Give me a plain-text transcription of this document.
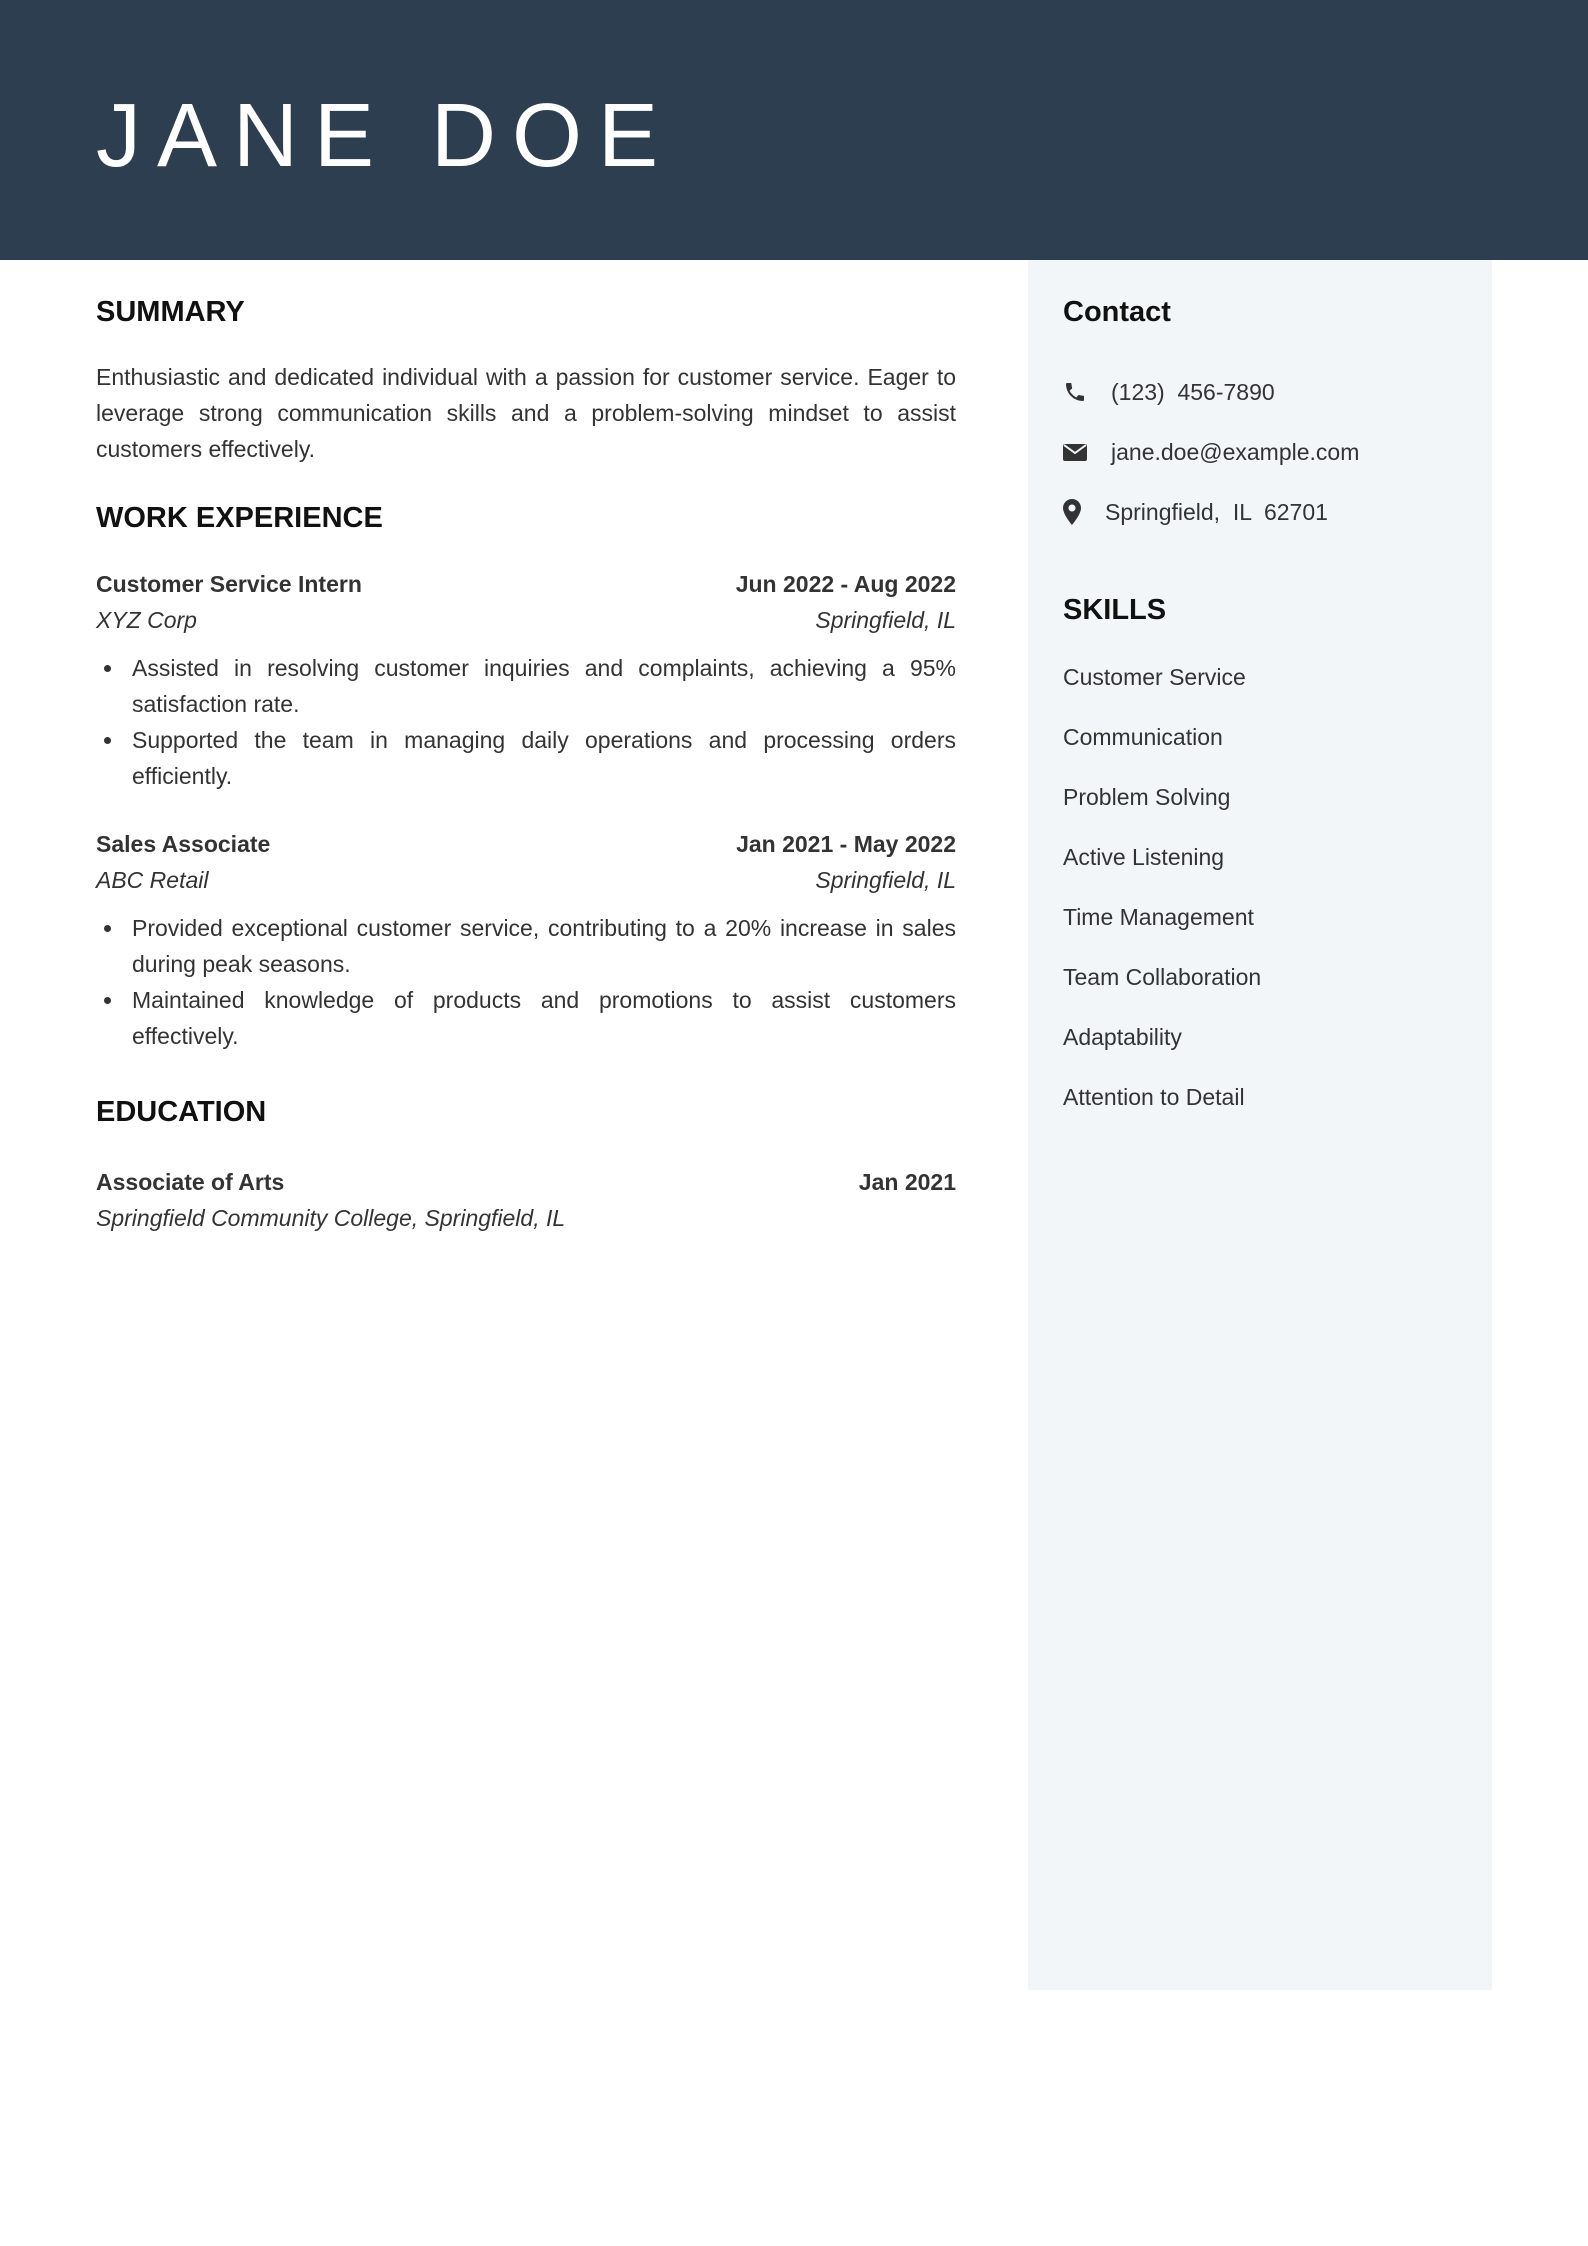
JANE DOE
SUMMARY

Enthusiastic and dedicated individual with a passion for customer service. Eager to leverage strong communication skills and a problem-solving mindset to assist customers effectively.

WORK EXPERIENCE
Customer Service Intern	Jun 2022 - Aug 2022
XYZ Corp	Springfield, IL
Assisted in resolving customer inquiries and complaints, achieving a 95% satisfaction rate.
Supported the team in managing daily operations and processing orders efficiently.
Sales Associate	Jan 2021 - May 2022
ABC Retail	Springfield, IL
Provided exceptional customer service, contributing to a 20% increase in sales during peak seasons.
Maintained knowledge of products and promotions to assist customers effectively.
EDUCATION
Associate of Arts	Jan 2021
Springfield Community College, Springfield, IL
Contact
(123)  456-7890
jane.doe@example.com
Springfield,  IL  62701
SKILLS
Customer Service
Communication
Problem Solving
Active Listening
Time Management
Team Collaboration
Adaptability
Attention to Detail
